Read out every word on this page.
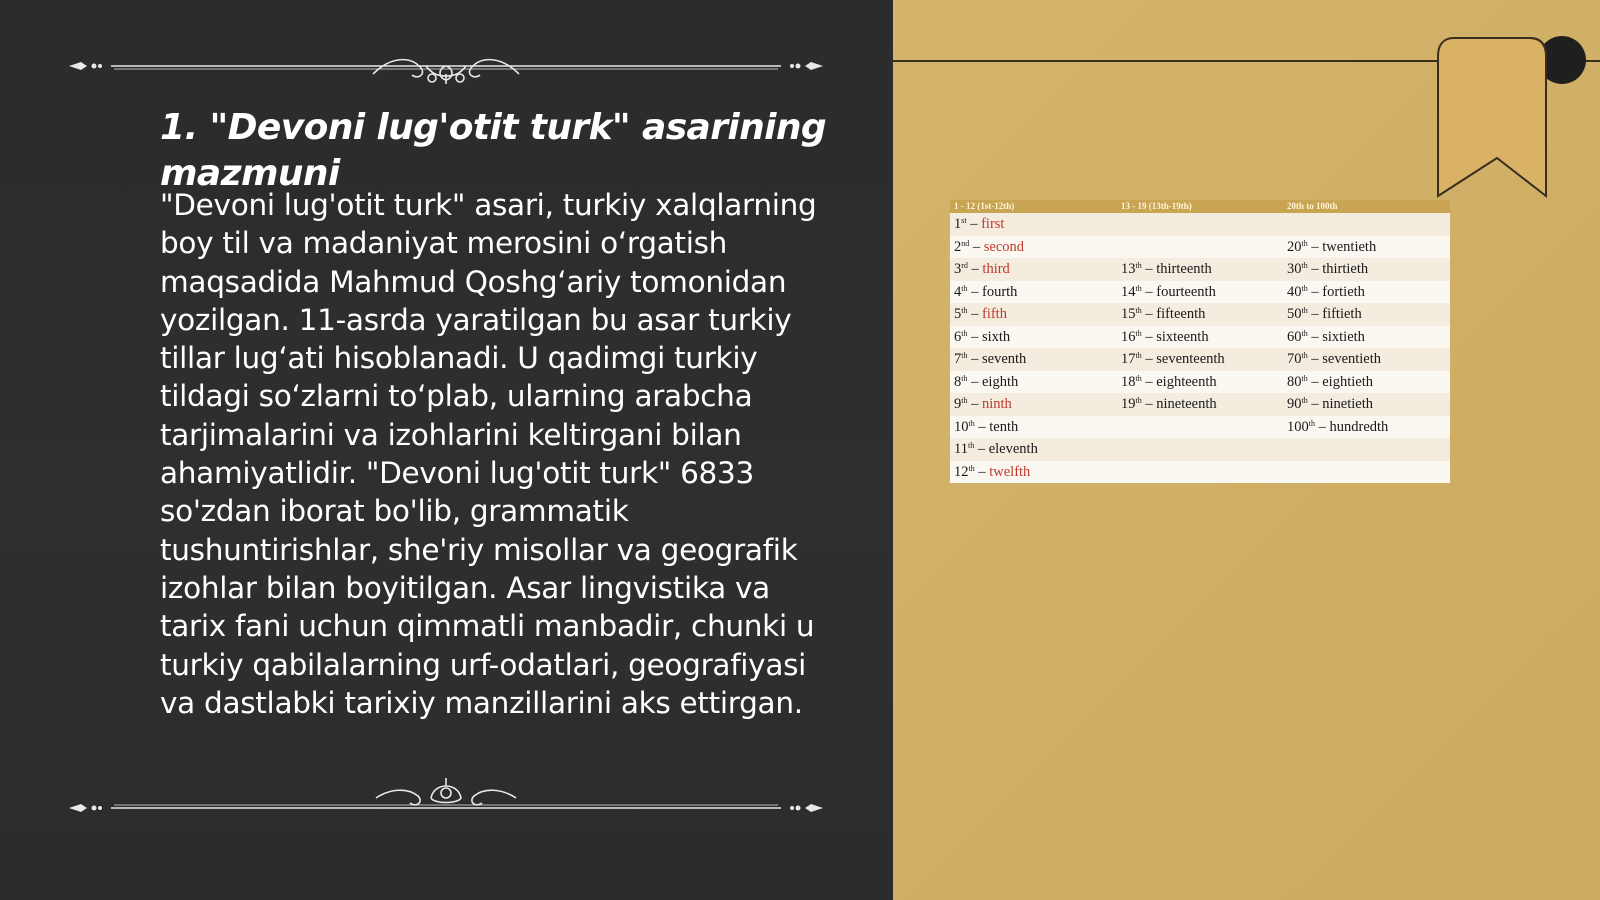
1. "Devoni lug'otit turk" asarining mazmuni

"Devoni lug'otit turk" asari, turkiy xalqlarning boy til va madaniyat merosini o‘rgatish maqsadida Mahmud Qoshg‘ariy tomonidan yozilgan. 11-asrda yaratilgan bu asar turkiy tillar lug‘ati hisoblanadi. U qadimgi turkiy tildagi so‘zlarni to‘plab, ularning arabcha tarjimalarini va izohlarini keltirgani bilan ahamiyatlidir. "Devoni lug'otit turk" 6833 so'zdan iborat bo'lib, grammatik tushuntirishlar, she'riy misollar va geografik izohlar bilan boyitilgan. Asar lingvistika va tarix fani uchun qimmatli manbadir, chunki u turkiy qabilalarning urf-odatlari, geografiyasi va dastlabki tarixiy manzillarini aks ettirgan.

1 - 12 (1st-12th)	13 - 19 (13th-19th)	20th to 100th
1st – first		
2nd – second		20th – twentieth
3rd – third	13th – thirteenth	30th – thirtieth
4th – fourth	14th – fourteenth	40th – fortieth
5th – fifth	15th – fifteenth	50th – fiftieth
6th – sixth	16th – sixteenth	60th – sixtieth
7th – seventh	17th – seventeenth	70th – seventieth
8th – eighth	18th – eighteenth	80th – eightieth
9th – ninth	19th – nineteenth	90th – ninetieth
10th – tenth		100th – hundredth
11th – eleventh		
12th – twelfth		
